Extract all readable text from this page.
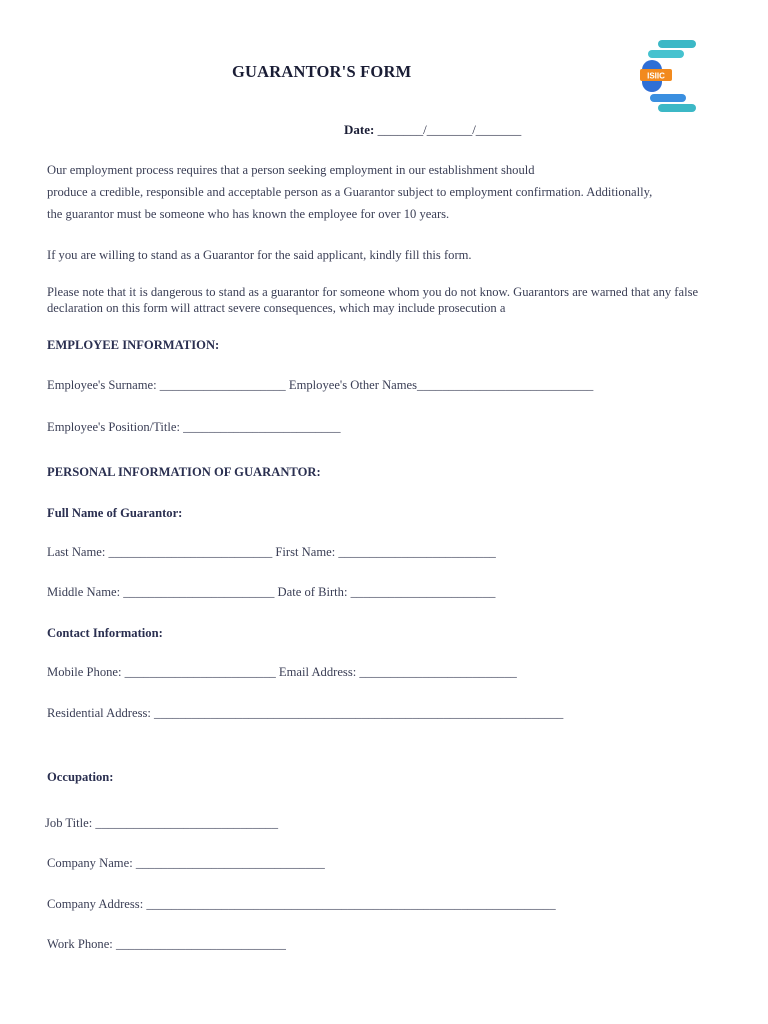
GUARANTOR'S FORM	ISIIC
Date: _______/_______/_______
Our employment process requires that a person seeking employment in our establishment should
produce a credible, responsible and acceptable person as a Guarantor subject to employment confirmation. Additionally,
the guarantor must be someone who has known the employee for over 10 years.
If you are willing to stand as a Guarantor for the said applicant, kindly fill this form.
Please note that it is dangerous to stand as a guarantor for someone whom you do not know. Guarantors are warned that any false
declaration on this form will attract severe consequences, which may include prosecution a
EMPLOYEE INFORMATION:
Employee's Surname: ____________________ Employee's Other Names____________________________
Employee's Position/Title: _________________________
PERSONAL INFORMATION OF GUARANTOR:
Full Name of Guarantor:
Last Name: __________________________ First Name: _________________________
Middle Name: ________________________ Date of Birth: _______________________
Contact Information:
Mobile Phone: ________________________ Email Address: _________________________
Residential Address: _________________________________________________________________
Occupation:
Job Title: _____________________________
Company Name: ______________________________
Company Address: _________________________________________________________________
Work Phone: ___________________________
